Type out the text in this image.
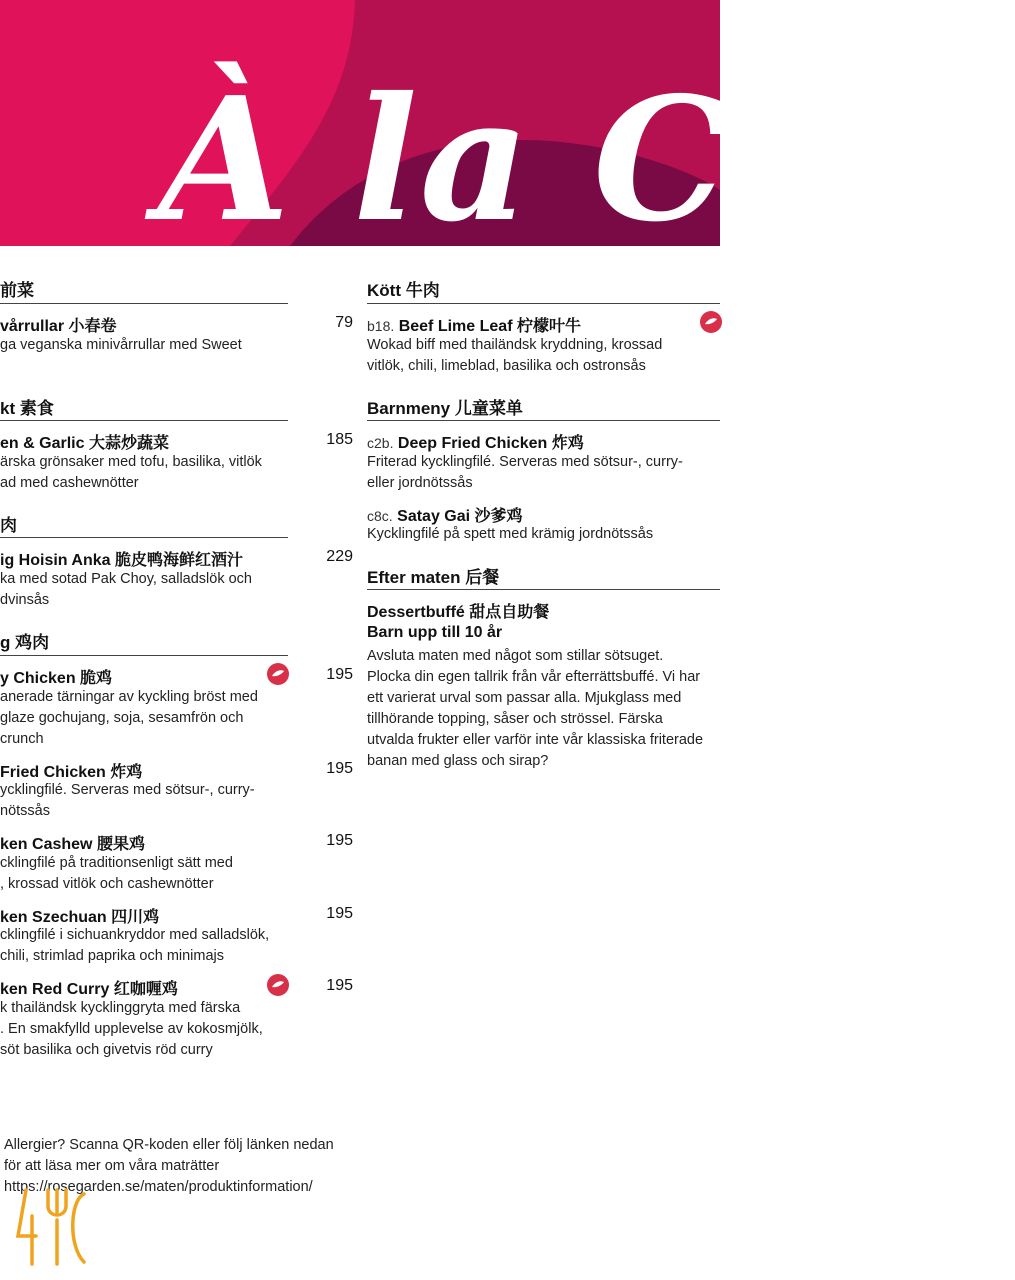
À la Cart
前菜
vårrullar 小春卷	79
ga veganska minivårrullar med Sweet
kt 素食
en & Garlic 大蒜炒蔬菜	185
ärska grönsaker med tofu, basilika, vitlök
ad med cashewnötter
肉
ig Hoisin Anka 脆皮鸭海鲜红酒汁	229
ka med sotad Pak Choy, salladslök och
dvinsås
g 鸡肉
y Chicken 脆鸡	195
anerade tärningar av kyckling bröst med
glaze gochujang, soja, sesamfrön och
crunch
Fried Chicken 炸鸡	195
ycklingfilé. Serveras med sötsur-, curry-
nötssås
ken Cashew 腰果鸡	195
cklingfilé på traditionsenligt sätt med
, krossad vitlök och cashewnötter
ken Szechuan 四川鸡	195
cklingfilé i sichuankryddor med salladslök,
chili, strimlad paprika och minimajs
ken Red Curry 红咖喱鸡	195
k thailändsk kycklinggryta med färska
. En smakfylld upplevelse av kokosmjölk,
söt basilika och givetvis röd curry
Kött 牛肉
b18. Beef Lime Leaf 柠檬叶牛
Wokad biff med thailändsk kryddning, krossad
vitlök, chili, limeblad, basilika och ostronsås
Barnmeny 儿童菜单
c2b. Deep Fried Chicken 炸鸡
Friterad kycklingfilé. Serveras med sötsur-, curry-
eller jordnötssås
c8c. Satay Gai 沙爹鸡
Kycklingfilé på spett med krämig jordnötssås
Efter maten 后餐
Dessertbuffé 甜点自助餐
Barn upp till 10 år
Avsluta maten med något som stillar sötsuget.
Plocka din egen tallrik från vår efterrättsbuffé. Vi har
ett varierat urval som passar alla. Mjukglass med
tillhörande topping, såser och strössel. Färska
utvalda frukter eller varför inte vår klassiska friterade
banan med glass och sirap?
Allergier? Scanna QR-koden eller följ länken nedan
för att läsa mer om våra maträtter
https://rosegarden.se/maten/produktinformation/
